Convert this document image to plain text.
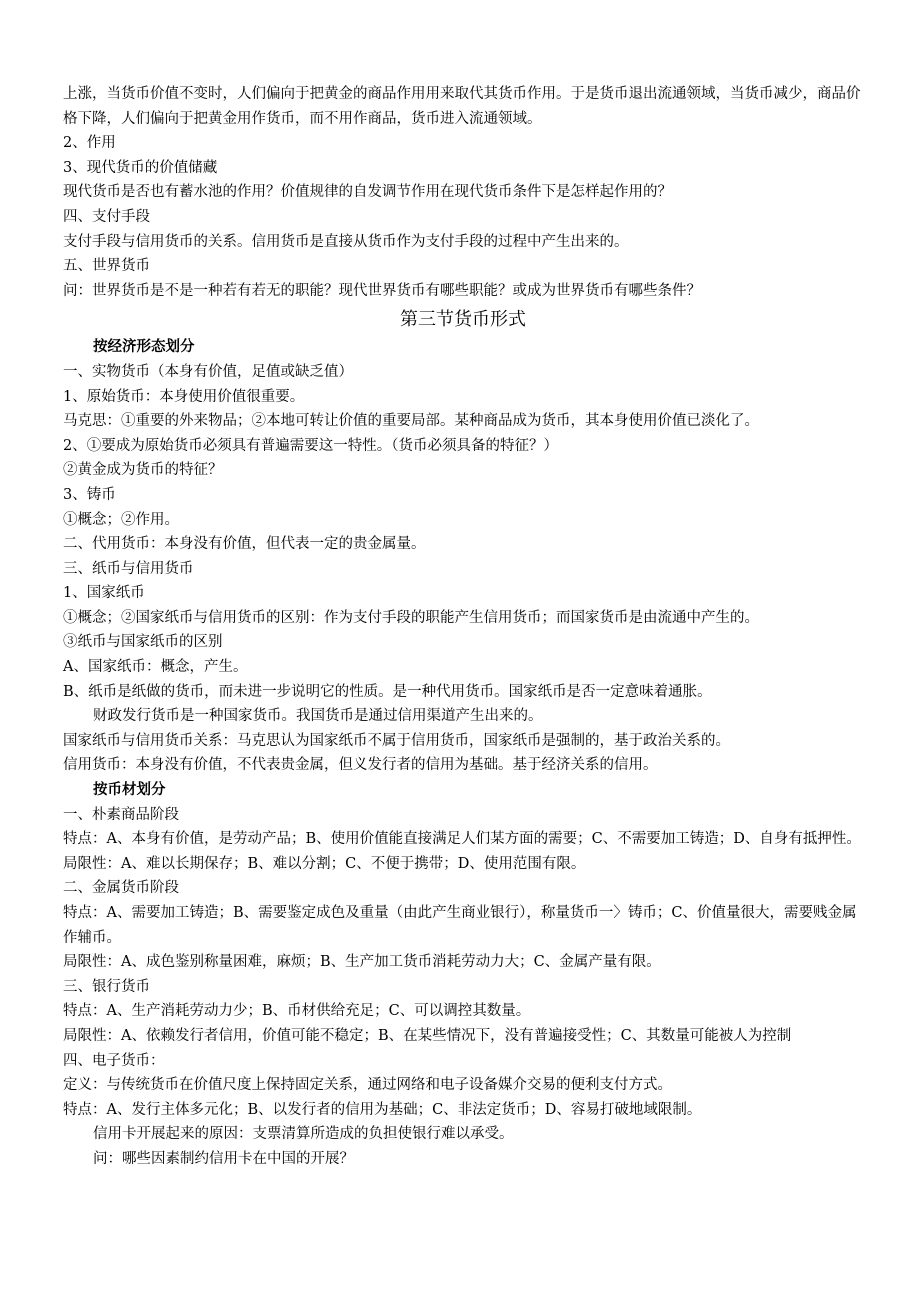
上涨，当货币价值不变时，人们偏向于把黄金的商品作用用来取代其货币作用。于是货币退出流通领域，当货币减少，商品价格下降，人们偏向于把黄金用作货币，而不用作商品，货币进入流通领域。
2、作用
3、现代货币的价值储藏
现代货币是否也有蓄水池的作用？价值规律的自发调节作用在现代货币条件下是怎样起作用的？
四、支付手段
支付手段与信用货币的关系。信用货币是直接从货币作为支付手段的过程中产生出来的。
五、世界货币
问：世界货币是不是一种若有若无的职能？现代世界货币有哪些职能？或成为世界货币有哪些条件？
第三节货币形式
按经济形态划分
一、实物货币（本身有价值，足值或缺乏值）
1、原始货币：本身使用价值很重要。
马克思：①重要的外来物品；②本地可转让价值的重要局部。某种商品成为货币，其本身使用价值已淡化了。
2、①要成为原始货币必须具有普遍需要这一特性。（货币必须具备的特征？）
②黄金成为货币的特征？
3、铸币
①概念；②作用。
二、代用货币：本身没有价值，但代表一定的贵金属量。
三、纸币与信用货币
1、国家纸币
①概念；②国家纸币与信用货币的区别：作为支付手段的职能产生信用货币；而国家货币是由流通中产生的。
③纸币与国家纸币的区别
A、国家纸币：概念，产生。
B、纸币是纸做的货币，而未进一步说明它的性质。是一种代用货币。国家纸币是否一定意味着通胀。
财政发行货币是一种国家货币。我国货币是通过信用渠道产生出来的。
国家纸币与信用货币关系：马克思认为国家纸币不属于信用货币，国家纸币是强制的，基于政治关系的。
信用货币：本身没有价值，不代表贵金属，但义发行者的信用为基础。基于经济关系的信用。
按币材划分
一、朴素商品阶段
特点：A、本身有价值，是劳动产品；B、使用价值能直接满足人们某方面的需要；C、不需要加工铸造；D、自身有抵押性。
局限性：A、难以长期保存；B、难以分割；C、不便于携带；D、使用范围有限。
二、金属货币阶段
特点：A、需要加工铸造；B、需要鉴定成色及重量（由此产生商业银行），称量货币一〉铸币；C、价值量很大，需要贱金属作辅币。
局限性：A、成色鉴别称量困难，麻烦；B、生产加工货币消耗劳动力大；C、金属产量有限。
三、银行货币
特点：A、生产消耗劳动力少；B、币材供给充足；C、可以调控其数量。
局限性：A、依赖发行者信用，价值可能不稳定；B、在某些情况下，没有普遍接受性；C、其数量可能被人为控制
四、电子货币：
定义：与传统货币在价值尺度上保持固定关系，通过网络和电子设备媒介交易的便利支付方式。
特点：A、发行主体多元化；B、以发行者的信用为基础；C、非法定货币；D、容易打破地域限制。
信用卡开展起来的原因：支票清算所造成的负担使银行难以承受。
问：哪些因素制约信用卡在中国的开展？
